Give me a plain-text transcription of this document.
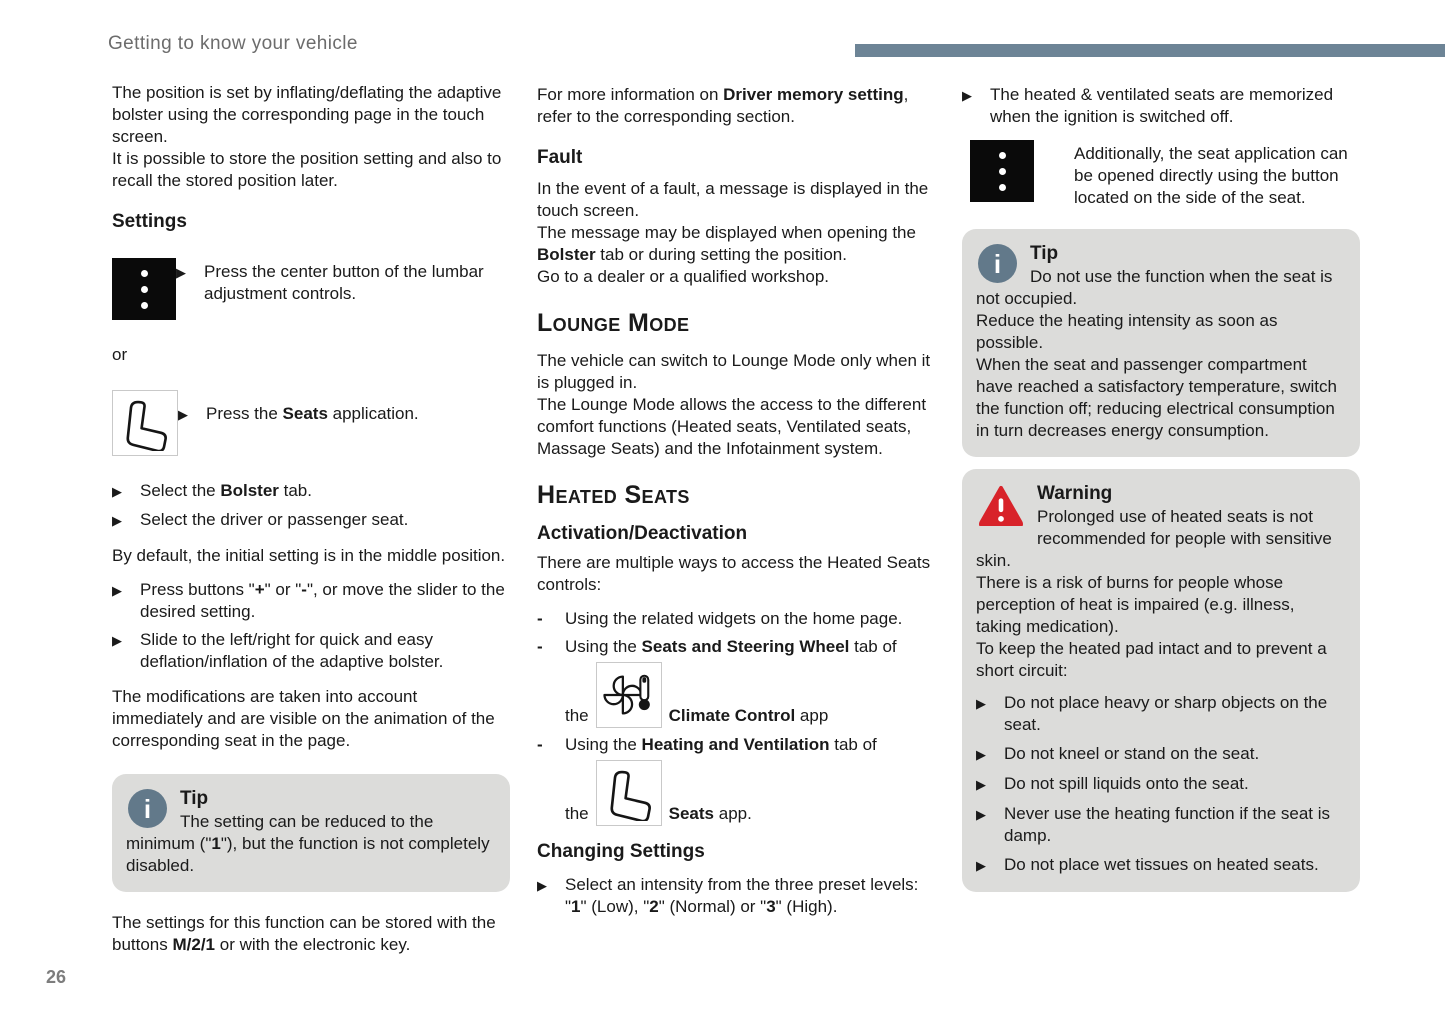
Getting to know your vehicle
The position is set by inflating/deflating the adaptive bolster using the corresponding page in the touch screen.
It is possible to store the position setting and also to recall the stored position later.
Settings
▶	Press the center button of the lumbar adjustment controls.
or
▶	Press the Seats application.
▶	Select the Bolster tab.
▶	Select the driver or passenger seat.
By default, the initial setting is in the middle position.
▶	Press buttons "+" or "-", or move the slider to the desired setting.
▶	Slide to the left/right for quick and easy deflation/inflation of the adaptive bolster.
The modifications are taken into account immediately and are visible on the animation of the corresponding seat in the page.
i	Tip
The setting can be reduced to the minimum ("1"), but the function is not completely disabled.
The settings for this function can be stored with the buttons M/2/1 or with the electronic key.
For more information on Driver memory setting, refer to the corresponding section.
Fault
In the event of a fault, a message is displayed in the touch screen.
The message may be displayed when opening the Bolster tab or during setting the position.
Go to a dealer or a qualified workshop.
Lounge Mode
The vehicle can switch to Lounge Mode only when it is plugged in.
The Lounge Mode allows the access to the different comfort functions (Heated seats, Ventilated seats, Massage Seats) and the Infotainment system.
Heated Seats
Activation/Deactivation
There are multiple ways to access the Heated Seats controls:
-	Using the related widgets on the home page.
-	Using the Seats and Steering Wheel tab of
the	Climate Control app
-	Using the Heating and Ventilation tab of
the	Seats app.
Changing Settings
▶	Select an intensity from the three preset levels: "1" (Low), "2" (Normal) or "3" (High).
▶	The heated & ventilated seats are memorized when the ignition is switched off.
Additionally, the seat application can be opened directly using the button located on the side of the seat.
i	Tip
Do not use the function when the seat is not occupied.
Reduce the heating intensity as soon as possible.
When the seat and passenger compartment have reached a satisfactory temperature, switch the function off; reducing electrical consumption in turn decreases energy consumption.
Warning
Prolonged use of heated seats is not recommended for people with sensitive skin.
There is a risk of burns for people whose perception of heat is impaired (e.g. illness, taking medication).
To keep the heated pad intact and to prevent a short circuit:
▶	Do not place heavy or sharp objects on the seat.
▶	Do not kneel or stand on the seat.
▶	Do not spill liquids onto the seat.
▶	Never use the heating function if the seat is damp.
▶	Do not place wet tissues on heated seats.
26
